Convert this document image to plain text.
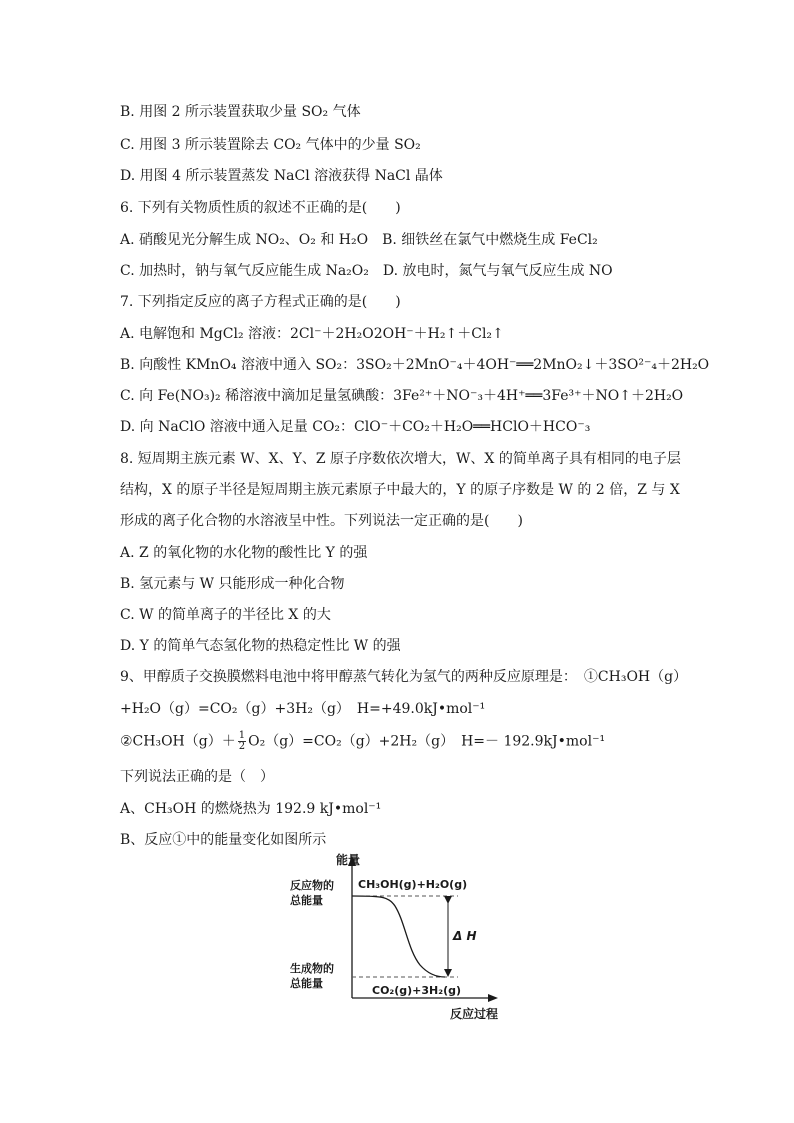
B. 用图 2 所示装置获取少量 SO₂ 气体
C. 用图 3 所示装置除去 CO₂ 气体中的少量 SO₂
D. 用图 4 所示装置蒸发 NaCl 溶液获得 NaCl 晶体
6. 下列有关物质性质的叙述不正确的是(　　)
A. 硝酸见光分解生成 NO₂、O₂ 和 H₂O　B. 细铁丝在氯气中燃烧生成 FeCl₂
C. 加热时，钠与氧气反应能生成 Na₂O₂　D. 放电时，氮气与氧气反应生成 NO
7. 下列指定反应的离子方程式正确的是(　　)
A. 电解饱和 MgCl₂ 溶液：2Cl⁻＋2H₂O2OH⁻＋H₂↑＋Cl₂↑
B. 向酸性 KMnO₄ 溶液中通入 SO₂：3SO₂＋2MnO⁻₄＋4OH⁻══2MnO₂↓＋3SO²⁻₄＋2H₂O
C. 向 Fe(NO₃)₂ 稀溶液中滴加足量氢碘酸：3Fe²⁺＋NO⁻₃＋4H⁺══3Fe³⁺＋NO↑＋2H₂O
D. 向 NaClO 溶液中通入足量 CO₂：ClO⁻＋CO₂＋H₂O══HClO＋HCO⁻₃
8. 短周期主族元素 W、X、Y、Z 原子序数依次增大，W、X 的简单离子具有相同的电子层
结构，X 的原子半径是短周期主族元素原子中最大的，Y 的原子序数是 W 的 2 倍，Z 与 X
形成的离子化合物的水溶液呈中性。下列说法一定正确的是(　　)
A. Z 的氧化物的水化物的酸性比 Y 的强
B. 氢元素与 W 只能形成一种化合物
C. W 的简单离子的半径比 X 的大
D. Y 的简单气态氢化物的热稳定性比 W 的强
9、甲醇质子交换膜燃料电池中将甲醇蒸气转化为氢气的两种反应原理是：　①CH₃OH（g）
+H₂O（g）=CO₂（g）+3H₂（g）　H=+49.0kJ•mol⁻¹
②CH₃OH（g）＋ $\frac{1}{2} O_2(g)=CO_2(g)+2H_2(g)$　H=－ 192.9kJ•mol⁻¹
下列说法正确的是（　）
A、CH₃OH 的燃烧热为 192.9 kJ•mol⁻¹
B、反应①中的能量变化如图所示
能量
反应过程
反应物的
总能量
生成物的
总能量
CH₃OH(g)+H₂O(g)
CO₂(g)+3H₂(g)
Δ H
